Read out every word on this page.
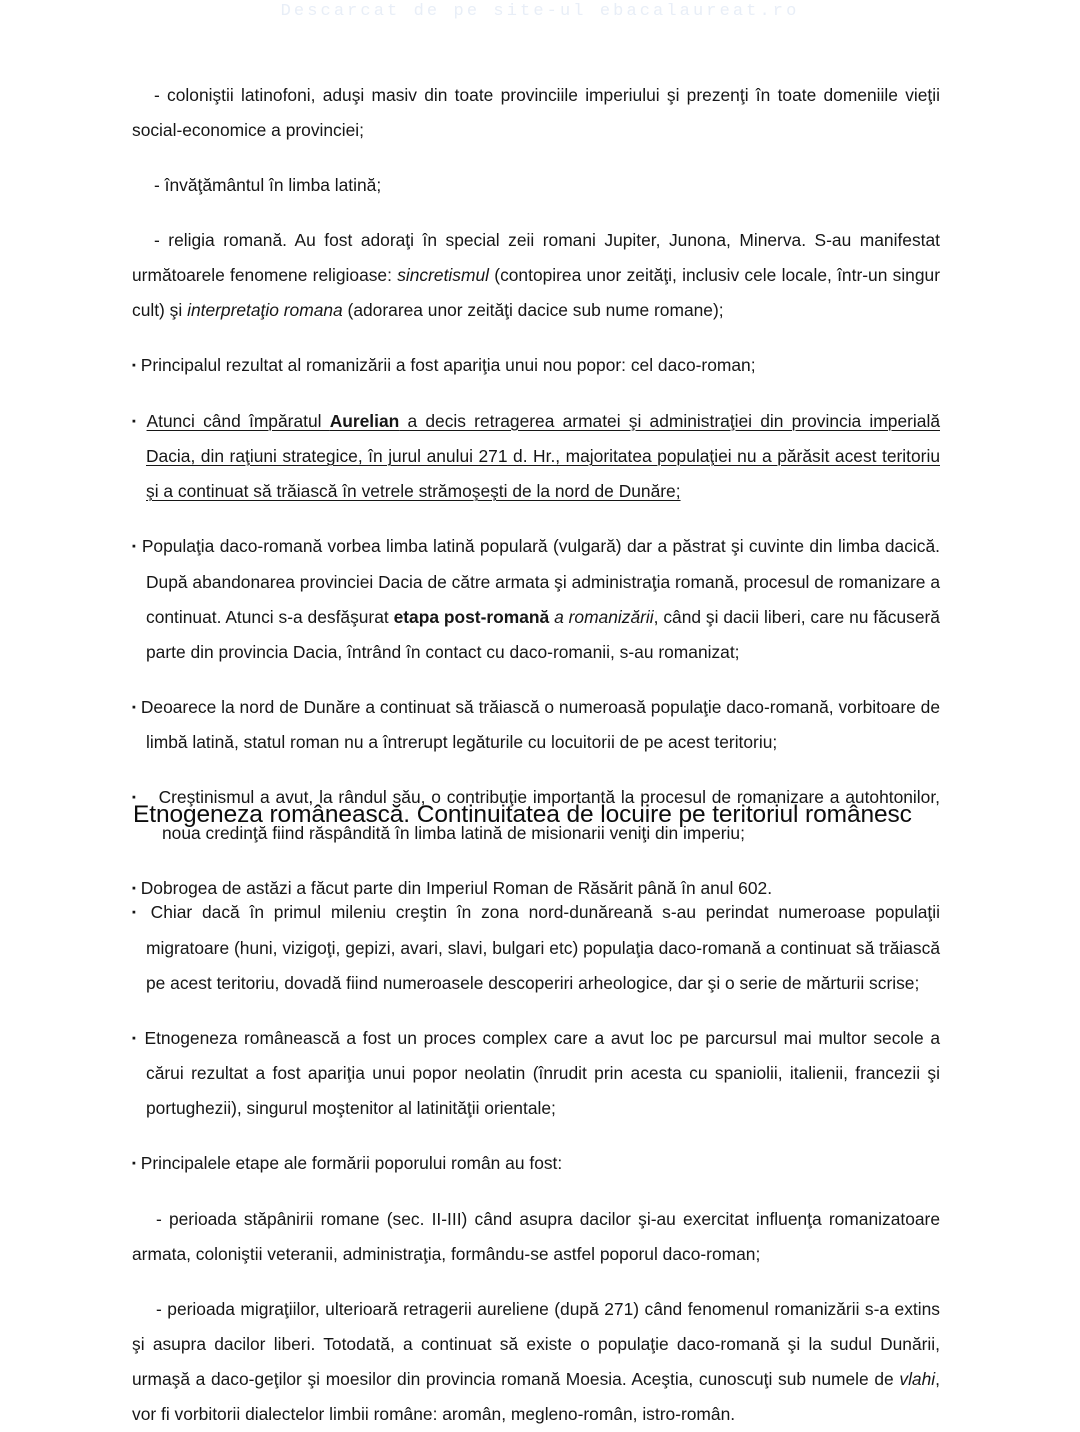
Descarcat de pe site-ul ebacalaureat.ro

- coloniştii latinofoni, aduşi masiv din toate provinciile imperiului şi prezenţi în toate domeniile vieţii social-economice a provinciei;

- învăţământul în limba latină;

- religia romană. Au fost adoraţi în special zeii romani Jupiter, Junona, Minerva. S-au manifestat următoarele fenomene religioase: sincretismul (contopirea unor zeităţi, inclusiv cele locale, într-un singur cult) şi interpretaţio romana (adorarea unor zeităţi dacice sub nume romane);

▪ Principalul rezultat al romanizării a fost apariţia unui nou popor: cel daco-roman;

▪ Atunci când împăratul Aurelian a decis retragerea armatei şi administraţiei din provincia imperială Dacia, din raţiuni strategice, în jurul anului 271 d. Hr., majoritatea populaţiei nu a părăsit acest teritoriu şi a continuat să trăiască în vetrele strămoşeşti de la nord de Dunăre;

▪ Populaţia daco-romană vorbea limba latină populară (vulgară) dar a păstrat şi cuvinte din limba dacică. După abandonarea provinciei Dacia de către armata şi administraţia romană, procesul de romanizare a continuat. Atunci s-a desfăşurat etapa post-romană a romanizării, când şi dacii liberi, care nu făcuseră parte din provincia Dacia, întrând în contact cu daco-romanii, s-au romanizat;

▪ Deoarece la nord de Dunăre a continuat să trăiască o numeroasă populaţie daco-romană, vorbitoare de limbă latină, statul roman nu a întrerupt legăturile cu locuitorii de pe acest teritoriu;

▪ Creştinismul a avut, la rândul său, o contribuţie importantă la procesul de romanizare a autohtonilor, noua credinţă fiind răspândită în limba latină de misionarii veniţi din imperiu;

▪ Dobrogea de astăzi a făcut parte din Imperiul Roman de Răsărit până în anul 602.

Etnogeneza românească. Continuitatea de locuire pe teritoriul românesc

▪ Chiar dacă în primul mileniu creştin în zona nord-dunăreană s-au perindat numeroase populaţii migratoare (huni, vizigoţi, gepizi, avari, slavi, bulgari etc) populaţia daco-romană a continuat să trăiască pe acest teritoriu, dovadă fiind numeroasele descoperiri arheologice, dar şi o serie de mărturii scrise;

▪ Etnogeneza românească a fost un proces complex care a avut loc pe parcursul mai multor secole a cărui rezultat a fost apariţia unui popor neolatin (înrudit prin acesta cu spaniolii, italienii, francezii şi portughezii), singurul moştenitor al latinităţii orientale;

▪ Principalele etape ale formării poporului român au fost:

- perioada stăpânirii romane (sec. II-III) când asupra dacilor şi-au exercitat influenţa romanizatoare armata, coloniştii veteranii, administraţia, formându-se astfel poporul daco-roman;

- perioada migraţiilor, ulterioară retragerii aureliene (după 271) când fenomenul romanizării s-a extins şi asupra dacilor liberi. Totodată, a continuat să existe o populaţie daco-romană şi la sudul Dunării, urmaşă a daco-geţilor şi moesilor din provincia romană Moesia. Aceştia, cunoscuţi sub numele de vlahi, vor fi vorbitorii dialectelor limbii române: aromân, megleno-român, istro-român.
